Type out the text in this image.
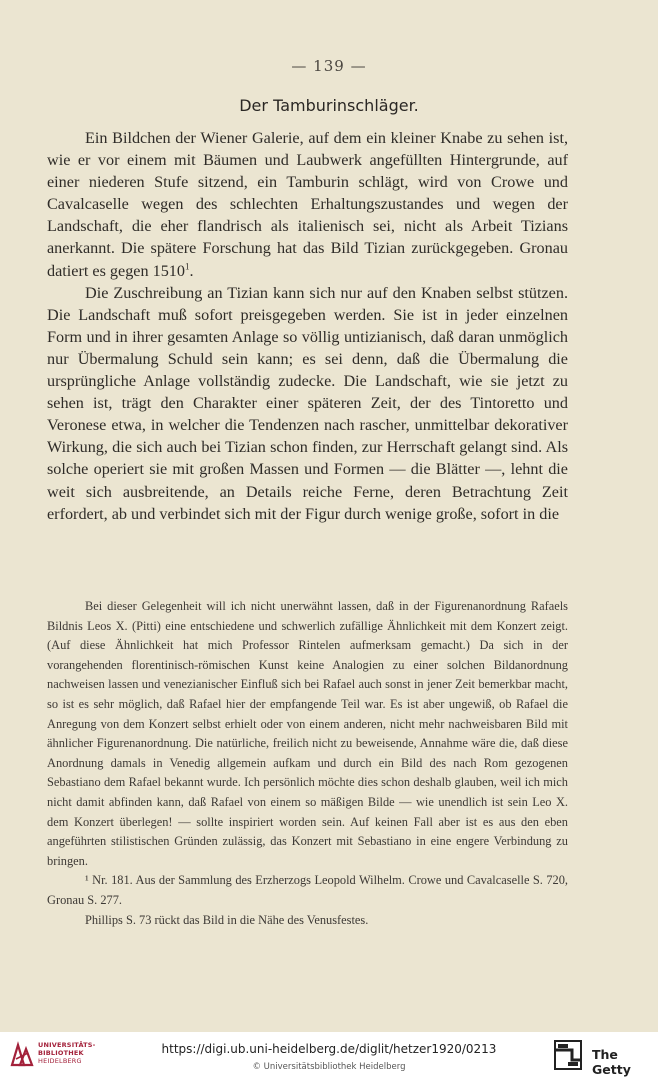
— 139 —
Der Tamburinschläger.

Ein Bildchen der Wiener Galerie, auf dem ein kleiner Knabe zu sehen ist, wie er vor einem mit Bäumen und Laubwerk angefüllten Hintergrunde, auf einer niederen Stufe sitzend, ein Tamburin schlägt, wird von Crowe und Cavalcaselle wegen des schlechten Erhaltungszustandes und wegen der Landschaft, die eher flandrisch als italienisch sei, nicht als Arbeit Tizians anerkannt. Die spätere Forschung hat das Bild Tizian zurückgegeben. Gronau datiert es gegen 1510$^1$.

Die Zuschreibung an Tizian kann sich nur auf den Knaben selbst stützen. Die Landschaft muß sofort preisgegeben werden. Sie ist in jeder einzelnen Form und in ihrer gesamten Anlage so völlig untizianisch, daß daran unmöglich nur Übermalung Schuld sein kann; es sei denn, daß die Übermalung die ursprüngliche Anlage vollständig zudecke. Die Landschaft, wie sie jetzt zu sehen ist, trägt den Charakter einer späteren Zeit, der des Tintoretto und Veronese etwa, in welcher die Tendenzen nach rascher, unmittelbar dekorativer Wirkung, die sich auch bei Tizian schon finden, zur Herrschaft gelangt sind. Als solche operiert sie mit großen Massen und Formen — die Blätter —, lehnt die weit sich ausbreitende, an Details reiche Ferne, deren Betrachtung Zeit erfordert, ab und verbindet sich mit der Figur durch wenige große, sofort in die

Bei dieser Gelegenheit will ich nicht unerwähnt lassen, daß in der Figurenanordnung Rafaels Bildnis Leos X. (Pitti) eine entschiedene und schwerlich zufällige Ähnlichkeit mit dem Konzert zeigt. (Auf diese Ähnlichkeit hat mich Professor Rintelen aufmerksam gemacht.) Da sich in der vorangehenden florentinisch-römischen Kunst keine Analogien zu einer solchen Bildanordnung nachweisen lassen und venezianischer Einfluß sich bei Rafael auch sonst in jener Zeit bemerkbar macht, so ist es sehr möglich, daß Rafael hier der empfangende Teil war. Es ist aber ungewiß, ob Rafael die Anregung von dem Konzert selbst erhielt oder von einem anderen, nicht mehr nachweisbaren Bild mit ähnlicher Figurenanordnung. Die natürliche, freilich nicht zu beweisende, Annahme wäre die, daß diese Anordnung damals in Venedig allgemein aufkam und durch ein Bild des nach Rom gezogenen Sebastiano dem Rafael bekannt wurde. Ich persönlich möchte dies schon deshalb glauben, weil ich mich nicht damit abfinden kann, daß Rafael von einem so mäßigen Bilde — wie unendlich ist sein Leo X. dem Konzert überlegen! — sollte inspiriert worden sein. Auf keinen Fall aber ist es aus den eben angeführten stilistischen Gründen zulässig, das Konzert mit Sebastiano in eine engere Verbindung zu bringen.

¹ Nr. 181. Aus der Sammlung des Erzherzogs Leopold Wilhelm. Crowe und Cavalcaselle S. 720, Gronau S. 277.

Phillips S. 73 rückt das Bild in die Nähe des Venusfestes.

UNIVERSITÄTS-
BIBLIOTHEK
HEIDELBERG
https://digi.ub.uni-heidelberg.de/diglit/hetzer1920/0213
© Universitätsbibliothek Heidelberg
The Getty
